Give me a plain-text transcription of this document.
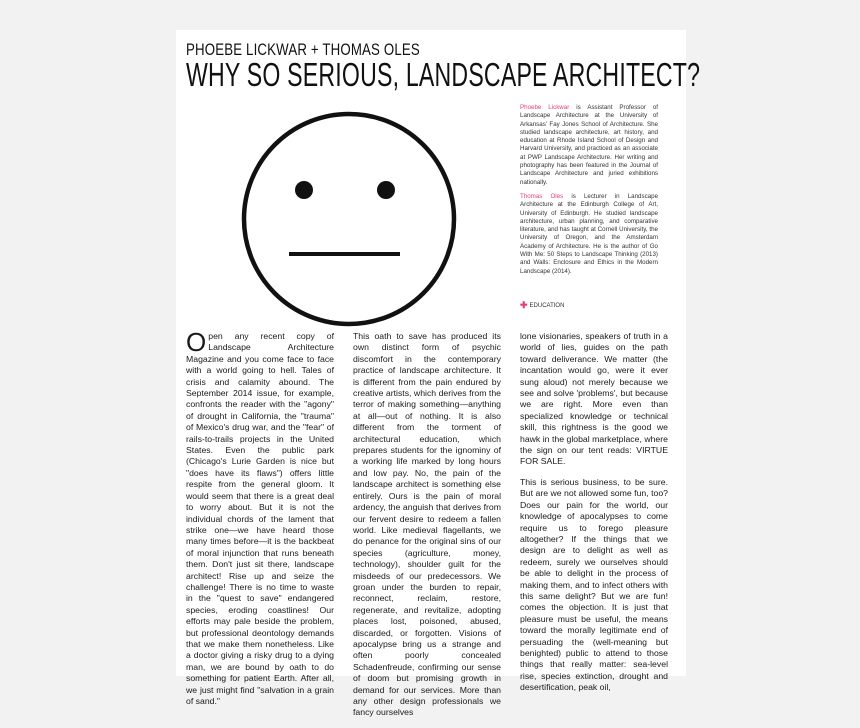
PHOEBE LICKWAR + THOMAS OLES
WHY SO SERIOUS, LANDSCAPE ARCHITECT?

Phoebe Lickwar is Assistant Professor of Landscape Architecture at the University of Arkansas' Fay Jones School of Architecture. She studied landscape architecture, art history, and education at Rhode Island School of Design and Harvard University, and practiced as an associate at PWP Landscape Architecture. Her writing and photography has been featured in the Journal of Landscape Architecture and juried exhibitions nationally.

Thomas Oles is Lecturer in Landscape Architecture at the Edinburgh College of Art, University of Edinburgh. He studied landscape architecture, urban planning, and comparative literature, and has taught at Cornell University, the University of Oregon, and the Amsterdam Academy of Architecture. He is the author of Go With Me: 50 Steps to Landscape Thinking (2013) and Walls: Enclosure and Ethics in the Modern Landscape (2014).

✚ EDUCATION

Open any recent copy of Landscape Architecture Magazine and you come face to face with a world going to hell. Tales of crisis and calamity abound. The September 2014 issue, for example, confronts the reader with the "agony" of drought in California, the "trauma" of Mexico's drug war, and the "fear" of rails-to-trails projects in the United States. Even the public park (Chicago's Lurie Garden is nice but "does have its flaws") offers little respite from the general gloom. It would seem that there is a great deal to worry about. But it is not the individual chords of the lament that strike one—we have heard those many times before—it is the backbeat of moral injunction that runs beneath them. Don't just sit there, landscape architect! Rise up and seize the challenge! There is no time to waste in the "quest to save" endangered species, eroding coastlines! Our efforts may pale beside the problem, but professional deontology demands that we make them nonetheless. Like a doctor giving a risky drug to a dying man, we are bound by oath to do something for patient Earth. After all, we just might find "salvation in a grain of sand."

This oath to save has produced its own distinct form of psychic discomfort in the contemporary practice of landscape architecture. It is different from the pain endured by creative artists, which derives from the terror of making something—anything at all—out of nothing. It is also different from the torment of architectural education, which prepares students for the ignominy of a working life marked by long hours and low pay. No, the pain of the landscape architect is something else entirely. Ours is the pain of moral ardency, the anguish that derives from our fervent desire to redeem a fallen world. Like medieval flagellants, we do penance for the original sins of our species (agriculture, money, technology), shoulder guilt for the misdeeds of our predecessors. We groan under the burden to repair, reconnect, reclaim, restore, regenerate, and revitalize, adopting places lost, poisoned, abused, discarded, or forgotten. Visions of apocalypse bring us a strange and often poorly concealed Schadenfreude, confirming our sense of doom but promising growth in demand for our services. More than any other design professionals we fancy ourselves

lone visionaries, speakers of truth in a world of lies, guides on the path toward deliverance. We matter (the incantation would go, were it ever sung aloud) not merely because we see and solve 'problems', but because we are right. More even than specialized knowledge or technical skill, this rightness is the good we hawk in the global marketplace, where the sign on our tent reads: VIRTUE FOR SALE.

This is serious business, to be sure. But are we not allowed some fun, too? Does our pain for the world, our knowledge of apocalypses to come require us to forego pleasure altogether? If the things that we design are to delight as well as redeem, surely we ourselves should be able to delight in the process of making them, and to infect others with this same delight? But we are fun! comes the objection. It is just that pleasure must be useful, the means toward the morally legitimate end of persuading the (well-meaning but benighted) public to attend to those things that really matter: sea-level rise, species extinction, drought and desertification, peak oil,
